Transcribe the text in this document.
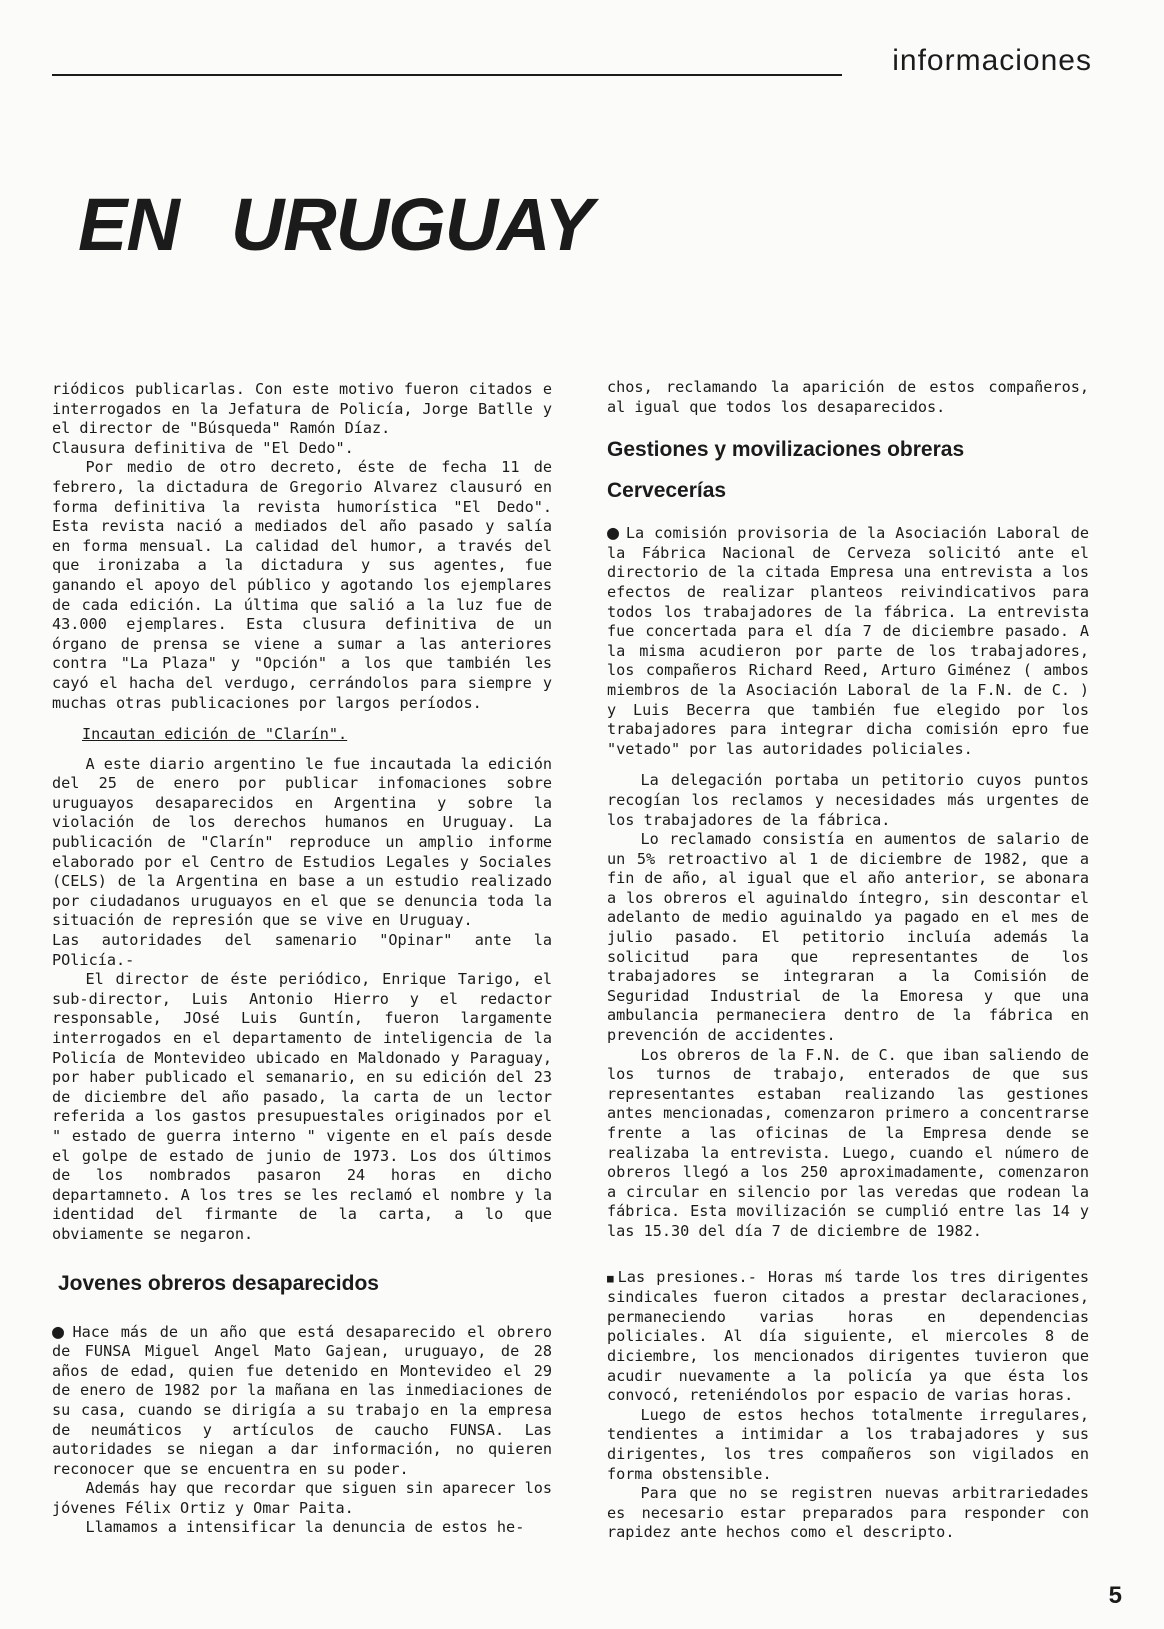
informaciones
EN URUGUAY

riódicos publicarlas. Con este motivo fueron citados e interrogados en la Jefatura de Policía, Jorge Batlle y el director de "Búsqueda" Ramón Díaz.

Clausura definitiva de "El Dedo".

Por medio de otro decreto, éste de fecha 11 de febrero, la dictadura de Gregorio Alvarez clausuró en forma definitiva la revista humorística "El Dedo". Esta revista nació a mediados del año pasado y salía en forma mensual. La calidad del humor, a través del que ironizaba a la dictadura y sus agentes, fue ganando el apoyo del público y agotando los ejemplares de cada edición. La última que salió a la luz fue de 43.000 ejemplares. Esta clusura definitiva de un órgano de prensa se viene a sumar a las anteriores contra "La Plaza" y "Opción" a los que también les cayó el hacha del verdugo, cerrándolos para siempre y muchas otras publicaciones por largos períodos.

Incautan edición de "Clarín".

A este diario argentino le fue incautada la edición del 25 de enero por publicar infomaciones sobre uruguayos desaparecidos en Argentina y sobre la violación de los derechos humanos en Uruguay. La publicación de "Clarín" reproduce un amplio informe elaborado por el Centro de Estudios Legales y Sociales (CELS) de la Argentina en base a un estudio realizado por ciudadanos uruguayos en el que se denuncia toda la situación de represión que se vive en Uruguay.

Las autoridades del samenario "Opinar" ante la POlicía.-

El director de éste periódico, Enrique Tarigo, el sub-director, Luis Antonio Hierro y el redactor responsable, JOsé Luis Guntín, fueron largamente interrogados en el departamento de inteligencia de la Policía de Montevideo ubicado en Maldonado y Paraguay, por haber publicado el semanario, en su edición del 23 de diciembre del año pasado, la carta de un lector referida a los gastos presupuestales originados por el " estado de guerra interno " vigente en el país desde el golpe de estado de junio de 1973. Los dos últimos de los nombrados pasaron 24 horas en dicho departamneto. A los tres se les reclamó el nombre y la identidad del firmante de la carta, a lo que obviamente se negaron.

Jovenes obreros desaparecidos

● Hace más de un año que está desaparecido el obrero de FUNSA Miguel Angel Mato Gajean, uruguayo, de 28 años de edad, quien fue detenido en Montevideo el 29 de enero de 1982 por la mañana en las inmediaciones de su casa, cuando se dirigía a su trabajo en la empresa de neumáticos y artículos de caucho FUNSA. Las autoridades se niegan a dar información, no quieren reconocer que se encuentra en su poder.

Además hay que recordar que siguen sin aparecer los jóvenes Félix Ortiz y Omar Paita.

Llamamos a intensificar la denuncia de estos he-

chos, reclamando la aparición de estos compañeros, al igual que todos los desaparecidos.

Gestiones y movilizaciones obreras
Cervecerías

● La comisión provisoria de la Asociación Laboral de la Fábrica Nacional de Cerveza solicitó ante el directorio de la citada Empresa una entrevista a los efectos de realizar planteos reivindicativos para todos los trabajadores de la fábrica. La entrevista fue concertada para el día 7 de diciembre pasado. A la misma acudieron por parte de los trabajadores, los compañeros Richard Reed, Arturo Giménez ( ambos miembros de la Asociación Laboral de la F.N. de C. ) y Luis Becerra que también fue elegido por los trabajadores para integrar dicha comisión epro fue "vetado" por las autoridades policiales.

La delegación portaba un petitorio cuyos puntos recogían los reclamos y necesidades más urgentes de los trabajadores de la fábrica.

Lo reclamado consistía en aumentos de salario de un 5% retroactivo al 1 de diciembre de 1982, que a fin de año, al igual que el año anterior, se abonara a los obreros el aguinaldo íntegro, sin descontar el adelanto de medio aguinaldo ya pagado en el mes de julio pasado. El petitorio incluía además la solicitud para que representantes de los trabajadores se integraran a la Comisión de Seguridad Industrial de la Emoresa y que una ambulancia permaneciera dentro de la fábrica en prevención de accidentes.

Los obreros de la F.N. de C. que iban saliendo de los turnos de trabajo, enterados de que sus representantes estaban realizando las gestiones antes mencionadas, comenzaron primero a concentrarse frente a las oficinas de la Empresa dende se realizaba la entrevista. Luego, cuando el número de obreros llegó a los 250 aproximadamente, comenzaron a circular en silencio por las veredas que rodean la fábrica. Esta movilización se cumplió entre las 14 y las 15.30 del día 7 de diciembre de 1982.

■ Las presiones.- Horas mś tarde los tres dirigentes sindicales fueron citados a prestar declaraciones, permaneciendo varias horas en dependencias policiales. Al día siguiente, el miercoles 8 de diciembre, los mencionados dirigentes tuvieron que acudir nuevamente a la policía ya que ésta los convocó, reteniéndolos por espacio de varias horas.

Luego de estos hechos totalmente irregulares, tendientes a intimidar a los trabajadores y sus dirigentes, los tres compañeros son vigilados en forma obstensible.

Para que no se registren nuevas arbitrariedades es necesario estar preparados para responder con rapidez ante hechos como el descripto.

5
